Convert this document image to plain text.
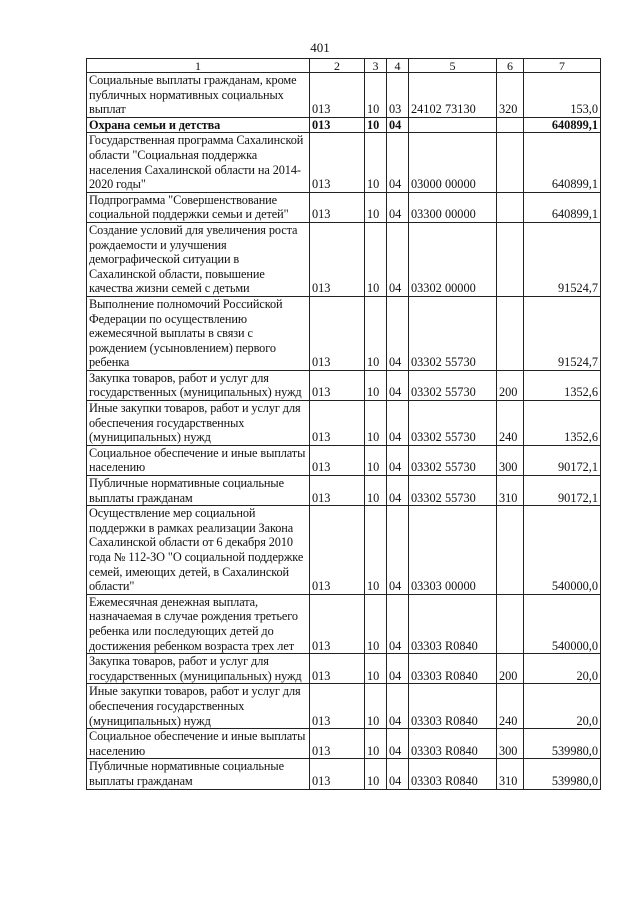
401
1	2	3	4	5	6	7
Социальные выплаты гражданам, кроме публичных нормативных социальных выплат	013	10	03	24102 73130	320	153,0
Охрана семьи и детства	013	10	04			640899,1
Государственная программа Сахалинской области "Социальная поддержка населения Сахалинской области на 2014-2020 годы"	013	10	04	03000 00000		640899,1
Подпрограмма "Совершенствование социальной поддержки семьи и детей"	013	10	04	03300 00000		640899,1
Создание условий для увеличения роста рождаемости и улучшения демографической ситуации в Сахалинской области, повышение качества жизни семей с детьми	013	10	04	03302 00000		91524,7
Выполнение полномочий Российской Федерации по осуществлению ежемесячной выплаты в связи с рождением (усыновлением) первого ребенка	013	10	04	03302 55730		91524,7
Закупка товаров, работ и услуг для государственных (муниципальных) нужд	013	10	04	03302 55730	200	1352,6
Иные закупки товаров, работ и услуг для обеспечения государственных (муниципальных) нужд	013	10	04	03302 55730	240	1352,6
Социальное обеспечение и иные выплаты населению	013	10	04	03302 55730	300	90172,1
Публичные нормативные социальные выплаты гражданам	013	10	04	03302 55730	310	90172,1
Осуществление мер социальной поддержки в рамках реализации Закона Сахалинской области от 6 декабря 2010 года № 112-ЗО "О социальной поддержке семей, имеющих детей, в Сахалинской области"	013	10	04	03303 00000		540000,0
Ежемесячная денежная выплата, назначаемая в случае рождения третьего ребенка или последующих детей до достижения ребенком возраста трех лет	013	10	04	03303 R0840		540000,0
Закупка товаров, работ и услуг для государственных (муниципальных) нужд	013	10	04	03303 R0840	200	20,0
Иные закупки товаров, работ и услуг для обеспечения государственных (муниципальных) нужд	013	10	04	03303 R0840	240	20,0
Социальное обеспечение и иные выплаты населению	013	10	04	03303 R0840	300	539980,0
Публичные нормативные социальные выплаты гражданам	013	10	04	03303 R0840	310	539980,0
